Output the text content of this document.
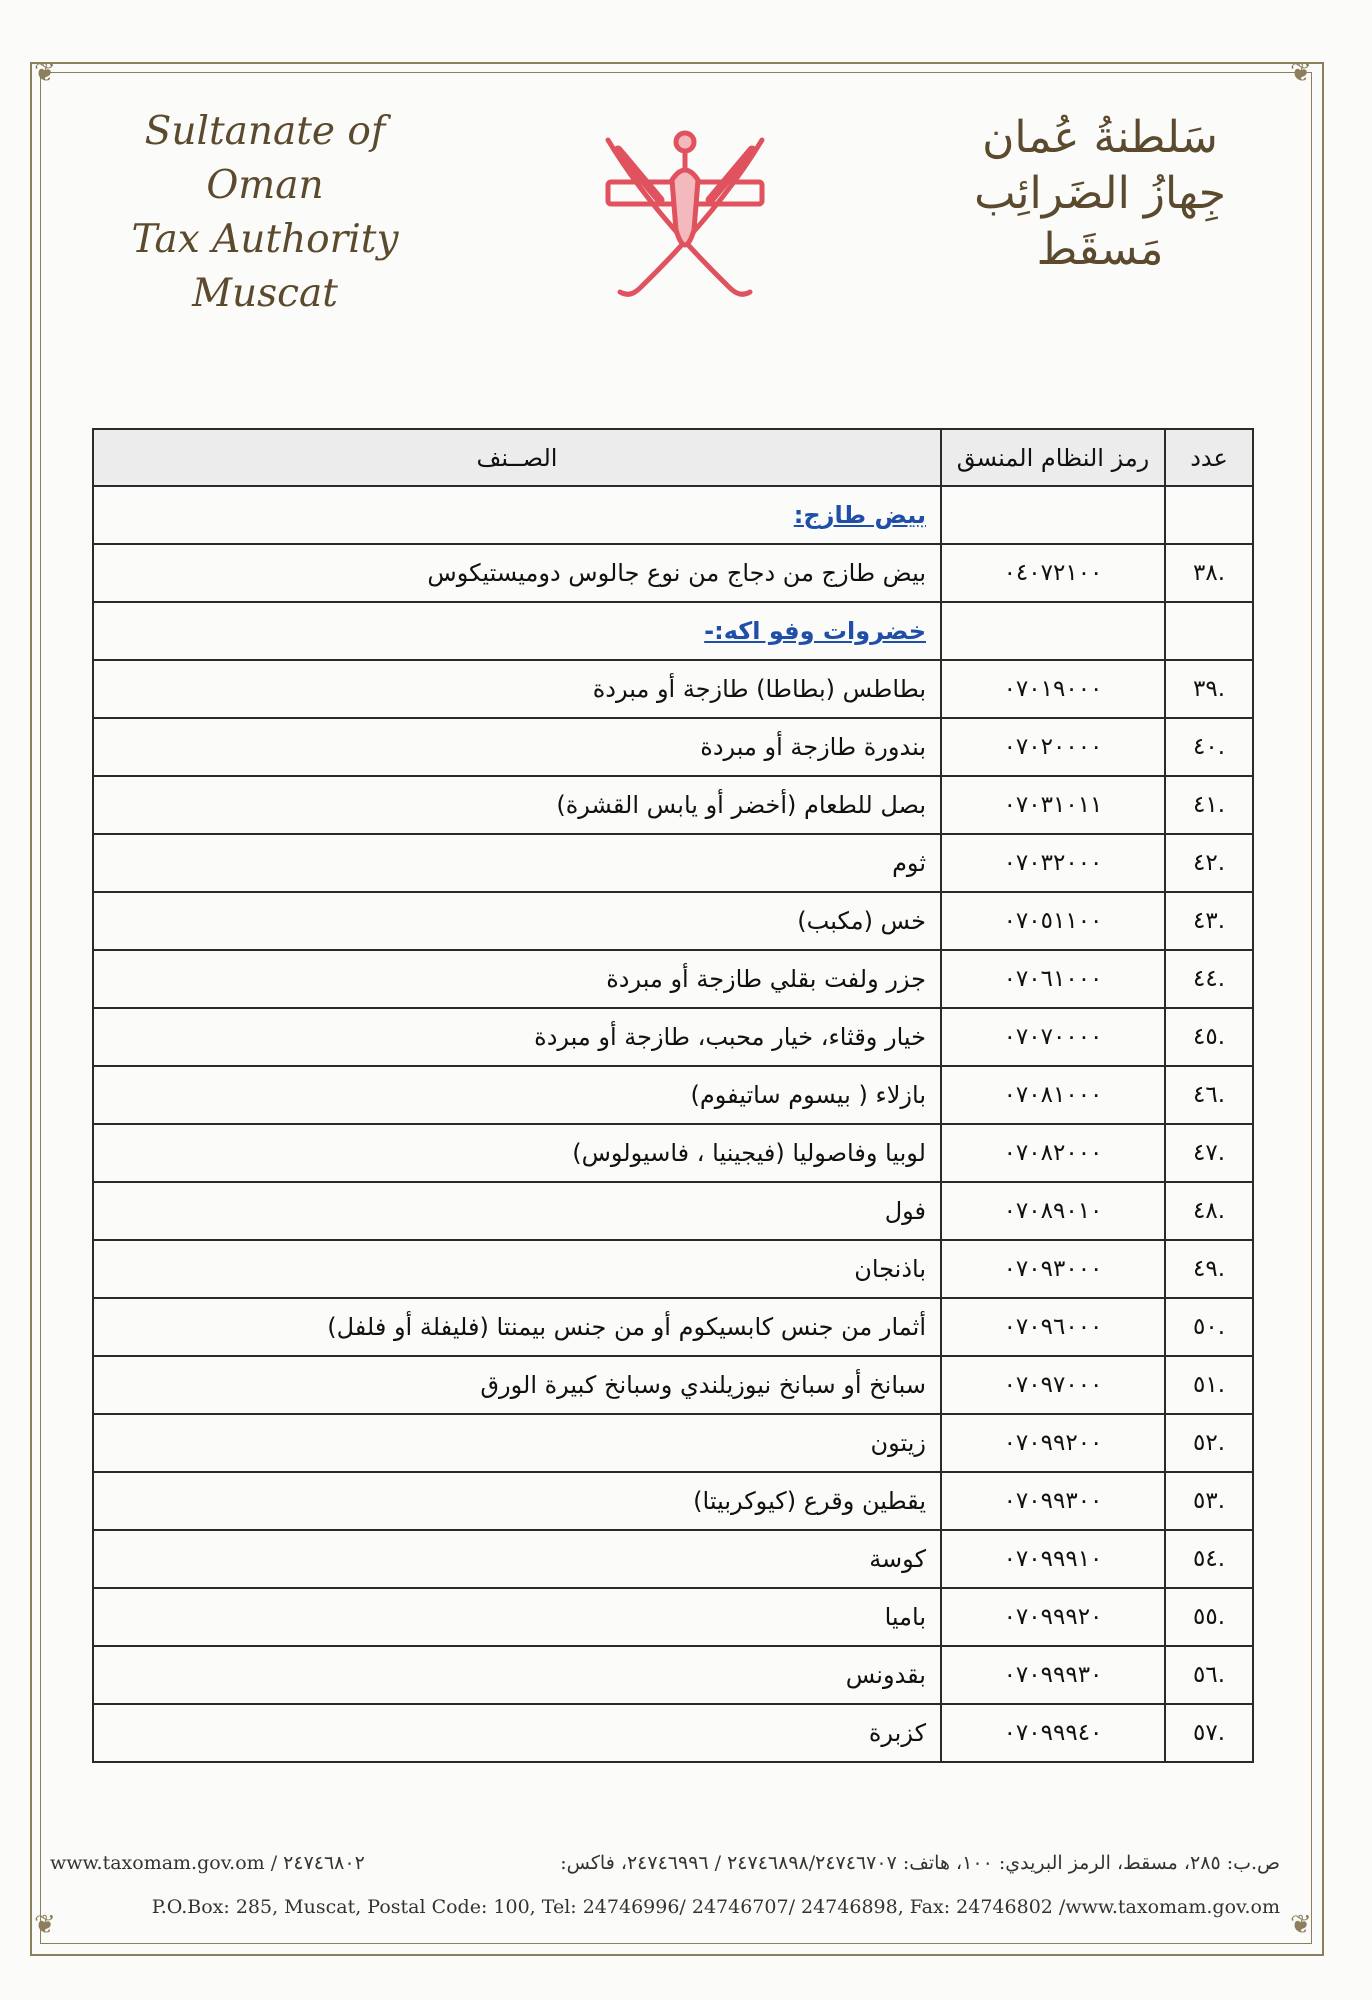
❦	❦
❦	❦
Sultanate of Oman
Tax Authority
Muscat
سَلطنةُ عُمان
جِهازُ الضَرائِب
مَسقَط
عدد	رمز النظام المنسق	الصــنف
		بيض طازج:
.٣٨	٠٤٠٧٢١٠٠	بيض طازج من دجاج من نوع جالوس دوميستيكوس
		خضروات وفو اكه:-
.٣٩	٠٧٠١٩٠٠٠	بطاطس (بطاطا) طازجة أو مبردة
.٤٠	٠٧٠٢٠٠٠٠	بندورة طازجة أو مبردة
.٤١	٠٧٠٣١٠١١	بصل للطعام (أخضر أو يابس القشرة)
.٤٢	٠٧٠٣٢٠٠٠	ثوم
.٤٣	٠٧٠٥١١٠٠	خس (مكبب)
.٤٤	٠٧٠٦١٠٠٠	جزر ولفت بقلي طازجة أو مبردة
.٤٥	٠٧٠٧٠٠٠٠	خيار وقثاء، خيار محبب، طازجة أو مبردة
.٤٦	٠٧٠٨١٠٠٠	بازلاء ( بيسوم ساتيفوم)
.٤٧	٠٧٠٨٢٠٠٠	لوبيا وفاصوليا (فيجينيا ، فاسيولوس)
.٤٨	٠٧٠٨٩٠١٠	فول
.٤٩	٠٧٠٩٣٠٠٠	باذنجان
.٥٠	٠٧٠٩٦٠٠٠	أثمار من جنس كابسيكوم أو من جنس بيمنتا (فليفلة أو فلفل)
.٥١	٠٧٠٩٧٠٠٠	سبانخ أو سبانخ نيوزيلندي وسبانخ كبيرة الورق
.٥٢	٠٧٠٩٩٢٠٠	زيتون
.٥٣	٠٧٠٩٩٣٠٠	يقطين وقرع (كيوكربيتا)
.٥٤	٠٧٠٩٩٩١٠	كوسة
.٥٥	٠٧٠٩٩٩٢٠	باميا
.٥٦	٠٧٠٩٩٩٣٠	بقدونس
.٥٧	٠٧٠٩٩٩٤٠	كزبرة
www.taxomam.gov.om / ٢٤٧٤٦٨٠٢	ص.ب: ٢٨٥، مسقط، الرمز البريدي: ١٠٠، هاتف: ٢٤٧٤٦٨٩٨/٢٤٧٤٦٧٠٧ / ٢٤٧٤٦٩٩٦، فاكس:
P.O.Box: 285, Muscat, Postal Code: 100, Tel: 24746996/ 24746707/ 24746898, Fax: 24746802 /www.taxomam.gov.om
